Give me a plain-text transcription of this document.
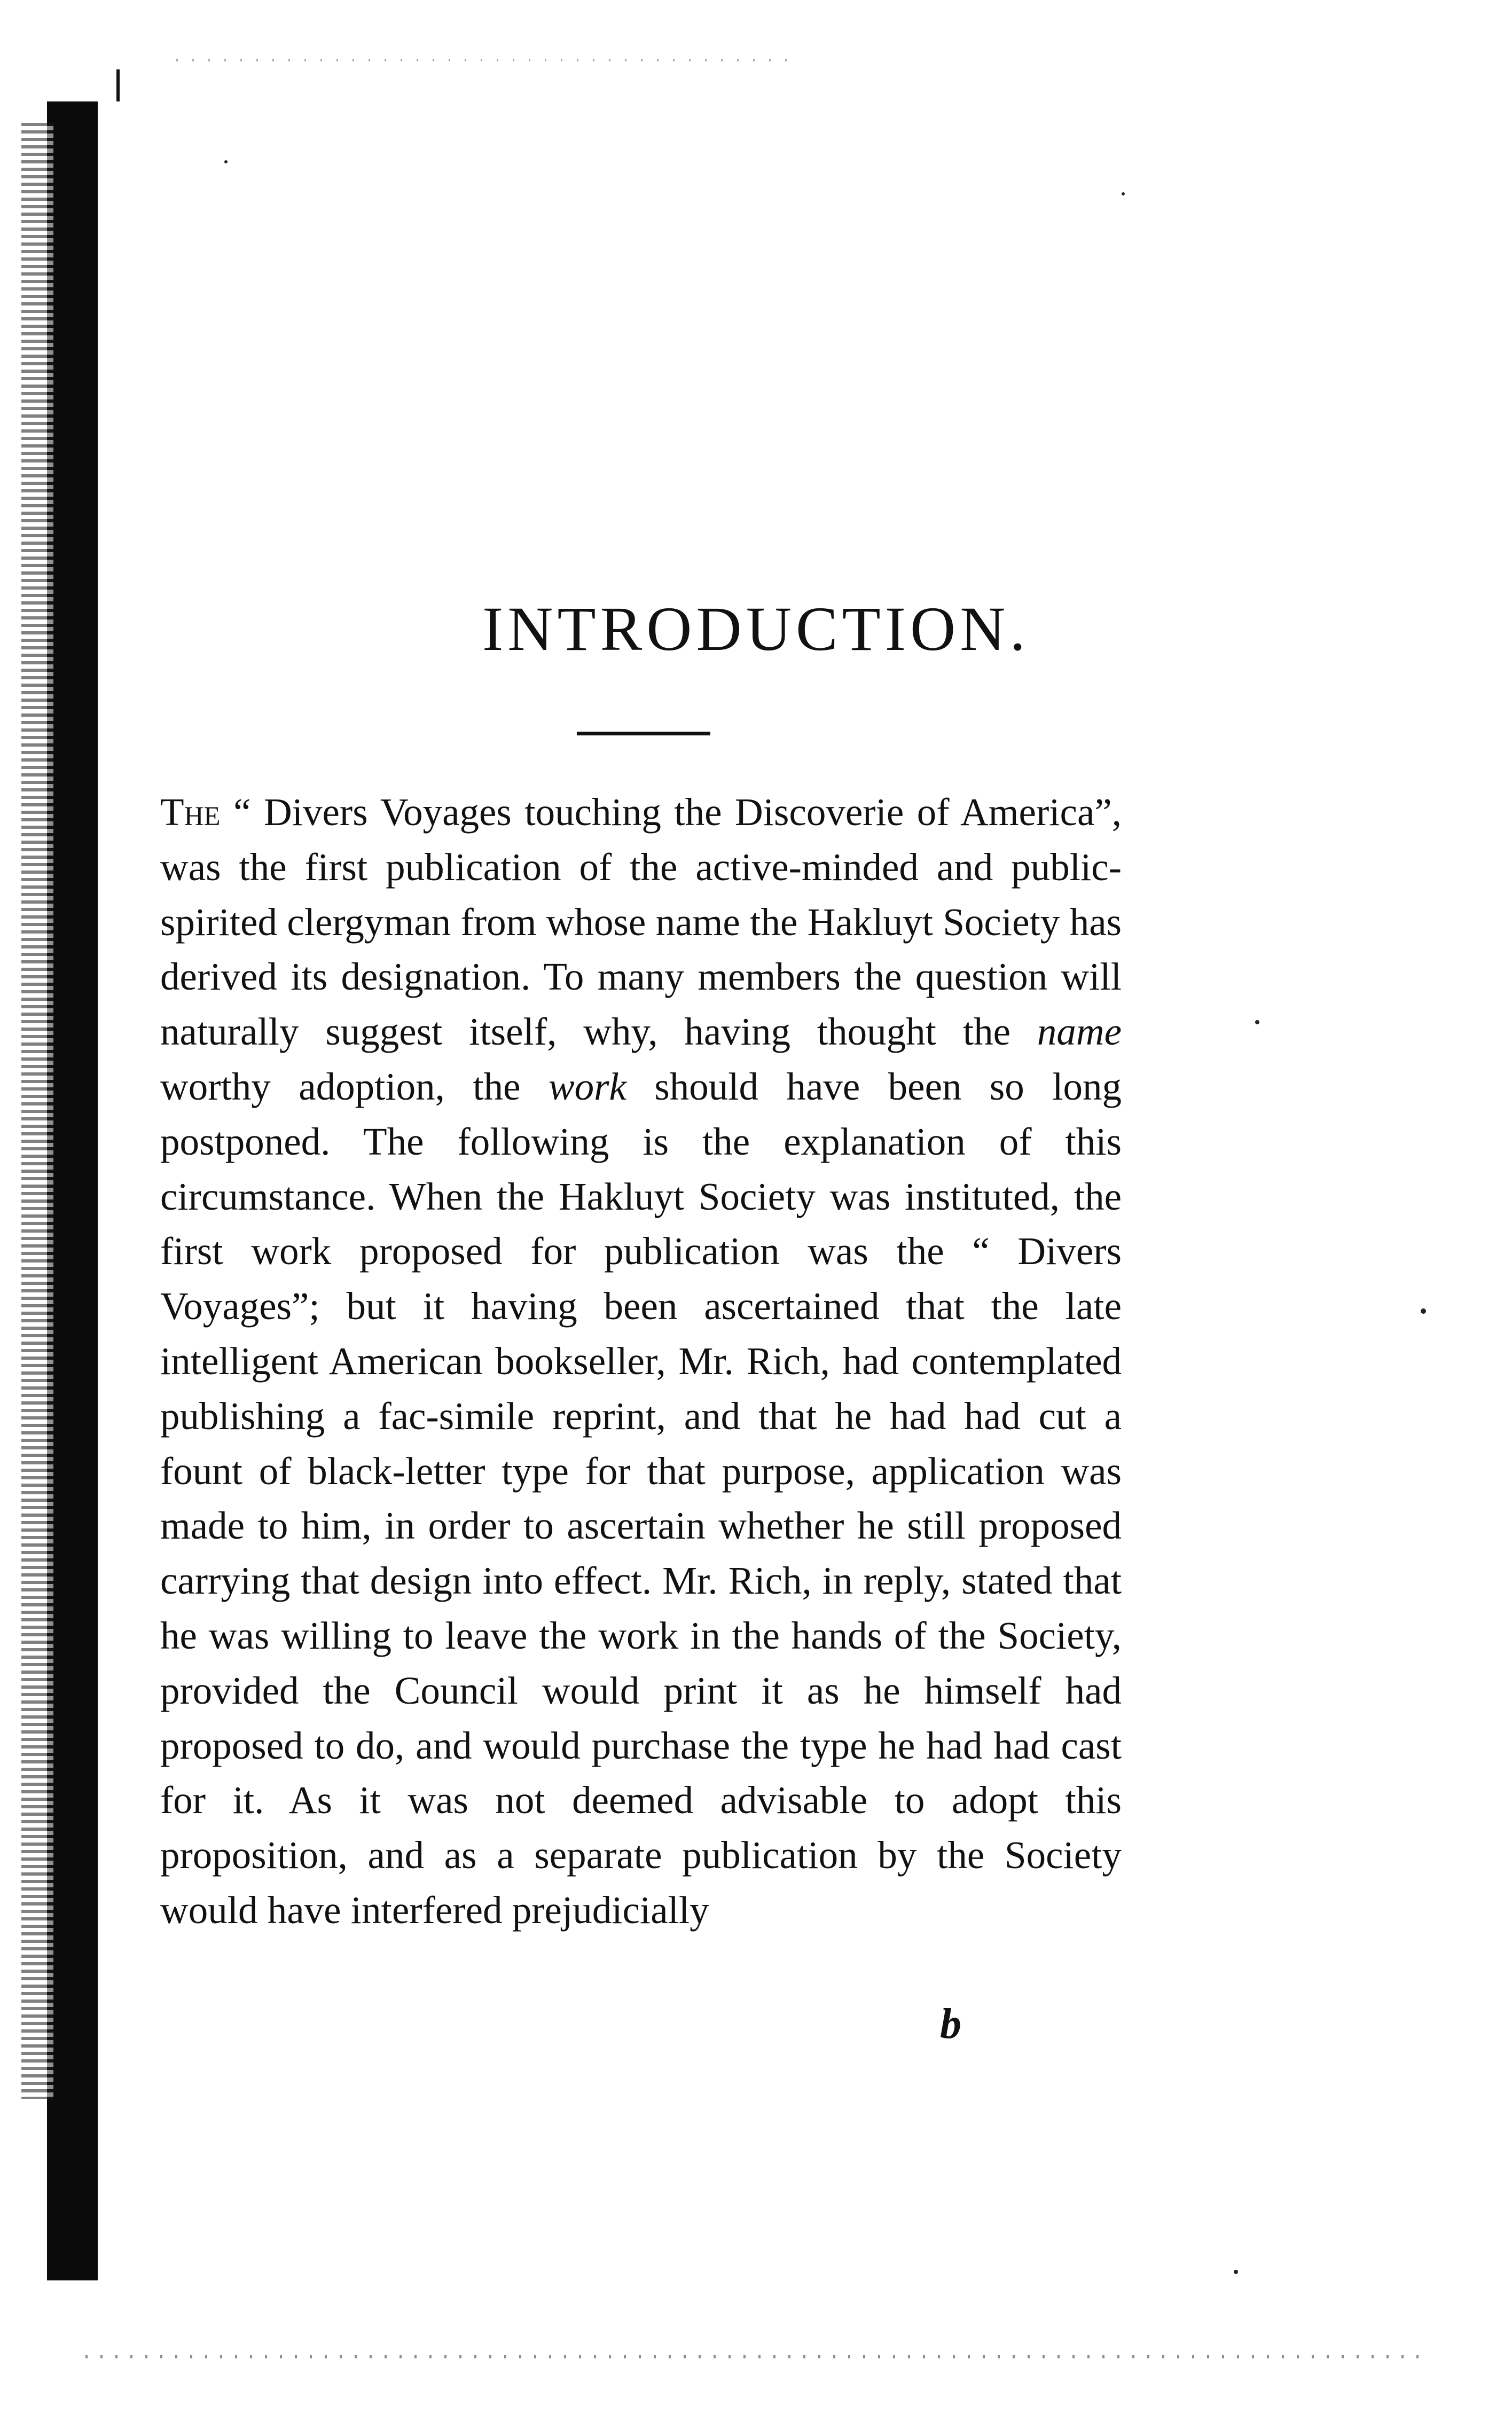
INTRODUCTION.

The “ Divers Voyages touching the Discoverie of America”, was the first publication of the active-minded and public-spirited clergyman from whose name the Hakluyt Society has derived its designation. To many members the question will naturally suggest itself, why, having thought the name worthy adoption, the work should have been so long postponed. The following is the explanation of this circumstance. When the Hakluyt Society was instituted, the first work proposed for publication was the “ Divers Voyages”; but it having been ascertained that the late intelligent American bookseller, Mr. Rich, had contemplated publishing a fac-simile reprint, and that he had had cut a fount of black-letter type for that purpose, application was made to him, in order to ascertain whether he still proposed carrying that design into effect. Mr. Rich, in reply, stated that he was willing to leave the work in the hands of the Society, provided the Council would print it as he himself had proposed to do, and would purchase the type he had had cast for it. As it was not deemed advisable to adopt this proposition, and as a separate publication by the Society would have interfered prejudicially

b
